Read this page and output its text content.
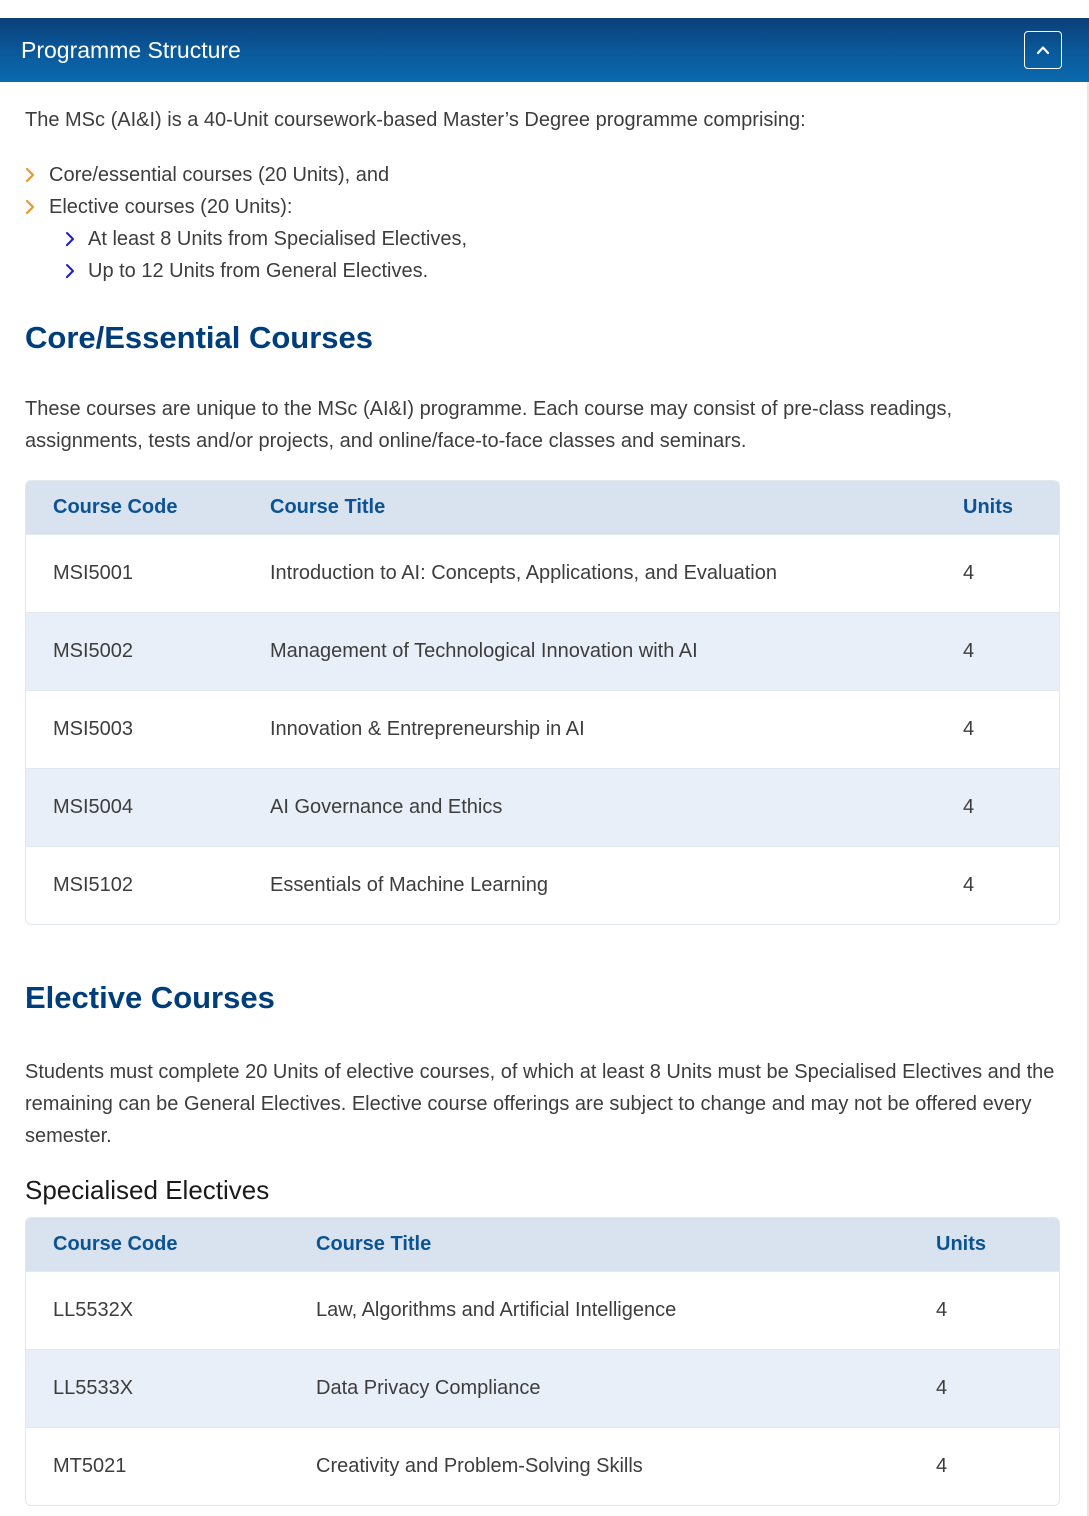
Programme Structure

The MSc (AI&I) is a 40-Unit coursework-based Master’s Degree programme comprising:

Core/essential courses (20 Units), and
Elective courses (20 Units):
At least 8 Units from Specialised Electives,
Up to 12 Units from General Electives.
Core/Essential Courses

These courses are unique to the MSc (AI&I) programme. Each course may consist of pre-class readings, assignments, tests and/or projects, and online/face-to-face classes and seminars.

Course Code	Course Title	Units
MSI5001	Introduction to AI: Concepts, Applications, and Evaluation	4
MSI5002	Management of Technological Innovation with AI	4
MSI5003	Innovation & Entrepreneurship in AI	4
MSI5004	AI Governance and Ethics	4
MSI5102	Essentials of Machine Learning	4
Elective Courses

Students must complete 20 Units of elective courses, of which at least 8 Units must be Specialised Electives and the remaining can be General Electives. Elective course offerings are subject to change and may not be offered every semester.

Specialised Electives
Course Code	Course Title	Units
LL5532X	Law, Algorithms and Artificial Intelligence	4
LL5533X	Data Privacy Compliance	4
MT5021	Creativity and Problem-Solving Skills	4
